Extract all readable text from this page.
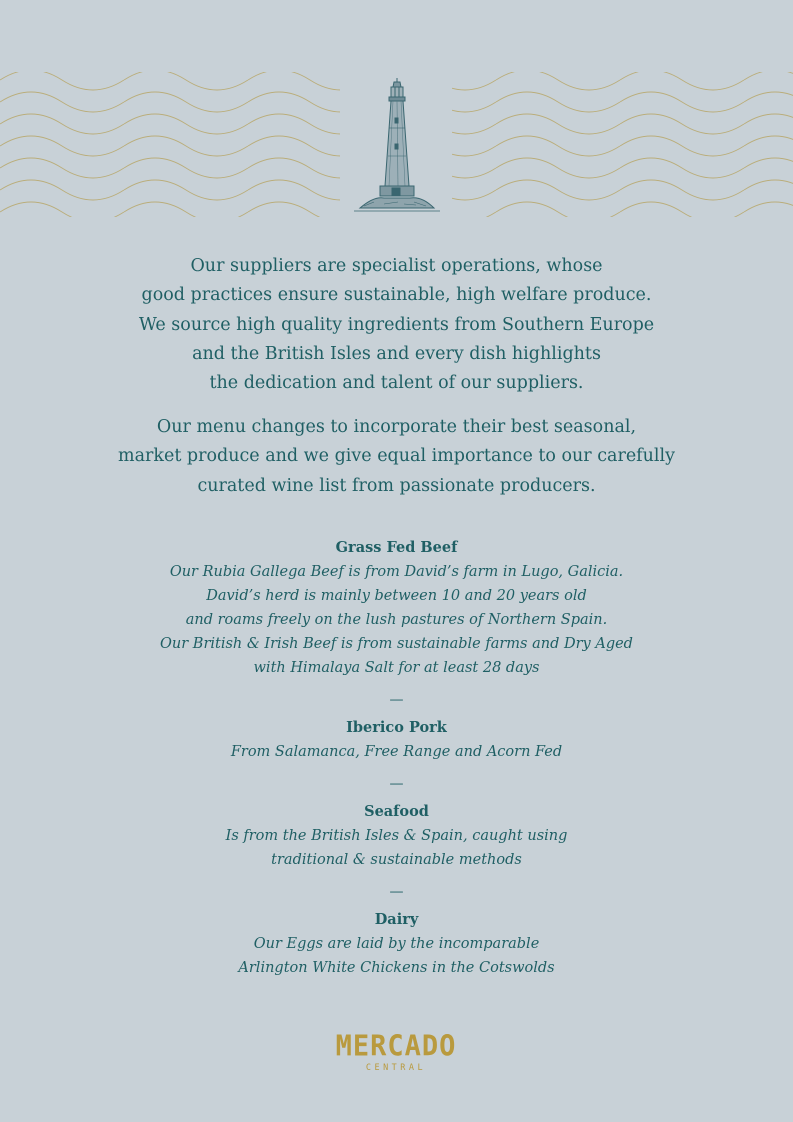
Our suppliers are specialist operations, whose

good practices ensure sustainable, high welfare produce.

We source high quality ingredients from Southern Europe

and the British Isles and every dish highlights

the dedication and talent of our suppliers.

Our menu changes to incorporate their best seasonal,

market produce and we give equal importance to our carefully

curated wine list from passionate producers.

Grass Fed Beef

Our Rubia Gallega Beef is from David’s farm in Lugo, Galicia.

David’s herd is mainly between 10 and 20 years old

and roams freely on the lush pastures of Northern Spain.

Our British & Irish Beef is from sustainable farms and Dry Aged

with Himalaya Salt for at least 28 days

—

Iberico Pork

From Salamanca, Free Range and Acorn Fed

—

Seafood

Is from the British Isles & Spain, caught using

traditional & sustainable methods

—

Dairy

Our Eggs are laid by the incomparable

Arlington White Chickens in the Cotswolds

MERCADO
CENTRAL
